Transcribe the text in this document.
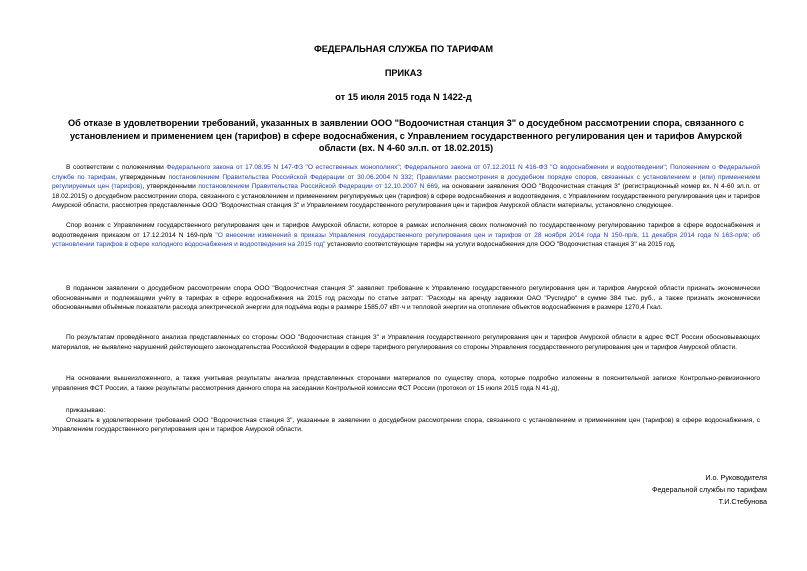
ФЕДЕРАЛЬНАЯ СЛУЖБА ПО ТАРИФАМ
ПРИКАЗ
от 15 июля 2015 года N 1422-д
Об отказе в удовлетворении требований, указанных в заявлении ООО "Водоочистная станция 3" о досудебном рассмотрении спора, связанного с установлением и применением цен (тарифов) в сфере водоснабжения, с Управлением государственного регулирования цен и тарифов Амурской области (вх. N 4-60 эл.п. от 18.02.2015)

В соответствии с положениями Федерального закона от 17.08.95 N 147-ФЗ "О естественных монополиях"; Федерального закона от 07.12.2011 N 416-ФЗ "О водоснабжении и водоотведении"; Положением о Федеральной службе по тарифам, утвержденным постановлением Правительства Российской Федерации от 30.06.2004 N 332; Правилами рассмотрения в досудебном порядке споров, связанных с установлением и (или) применением регулируемых цен (тарифов), утвержденными постановлением Правительства Российской Федерации от 12.10.2007 N 669, на основании заявления ООО "Водоочистная станция 3" (регистрационный номер вх. N 4-60 эл.п. от 18.02.2015) о досудебном рассмотрении спора, связанного с установлением и применением регулируемых цен (тарифов) в сфере водоснабжения и водоотведения, с Управлением государственного регулирования цен и тарифов Амурской области, рассмотрев представленные ООО "Водоочистная станция 3" и Управлением государственного регулирования цен и тарифов Амурской области материалы, установлено следующее.

Спор возник с Управлением государственного регулирования цен и тарифов Амурской области, которое в рамках исполнения своих полномочий по государственному регулированию тарифов в сфере водоснабжения и водоотведения приказом от 17.12.2014 N 169-пр/в "О внесении изменений в приказы Управления государственного регулирования цен и тарифов от 28 ноября 2014 года N 150-пр/в, 11 декабря 2014 года N 163-пр/в; об установлении тарифов в сфере холодного водоснабжения и водоотведения на 2015 год" установило соответствующие тарифы на услуги водоснабжения для ООО "Водоочистная станция 3" на 2015 год.

В поданном заявлении о досудебном рассмотрении спора ООО "Водоочистная станция 3" заявляет требование к Управлению государственного регулирования цен и тарифов Амурской области признать экономически обоснованными и подлежащими учёту в тарифах в сфере водоснабжения на 2015 год расходы по статье затрат: "Расходы на аренду задвижки ОАО "Русгидро" в сумме 384 тыс. руб., а также признать экономически обоснованными объёмные показатели расхода электрической энергии для подъёма воды в размере 1585,07 кВт·ч и тепловой энергии на отопление объектов водоснабжения в размере 1270,4 Гкал.

По результатам проведённого анализа представленных со стороны ООО "Водоочистная станция 3" и Управления государственного регулирования цен и тарифов Амурской области в адрес ФСТ России обосновывающих материалов, не выявлено нарушений действующего законодательства Российской Федерации в сфере тарифного регулирования со стороны Управления государственного регулирования цен и тарифов Амурской области.

На основании вышеизложенного, а также учитывая результаты анализа представленных сторонами материалов по существу спора, которые подробно изложены в пояснительной записке Контрольно-ревизионного управления ФСТ России, а также результаты рассмотрения данного спора на заседании Контрольной комиссии ФСТ России (протокол от 15 июля 2015 года N 41-д),

приказываю:

Отказать в удовлетворении требований ООО "Водоочистная станция 3", указанные в заявлении о досудебном рассмотрении спора, связанного с установлением и применением цен (тарифов) в сфере водоснабжения, с Управлением государственного регулирования цен и тарифов Амурской области.

И.о. Руководителя
Федеральной службы по тарифам
Т.И.Стебунова
